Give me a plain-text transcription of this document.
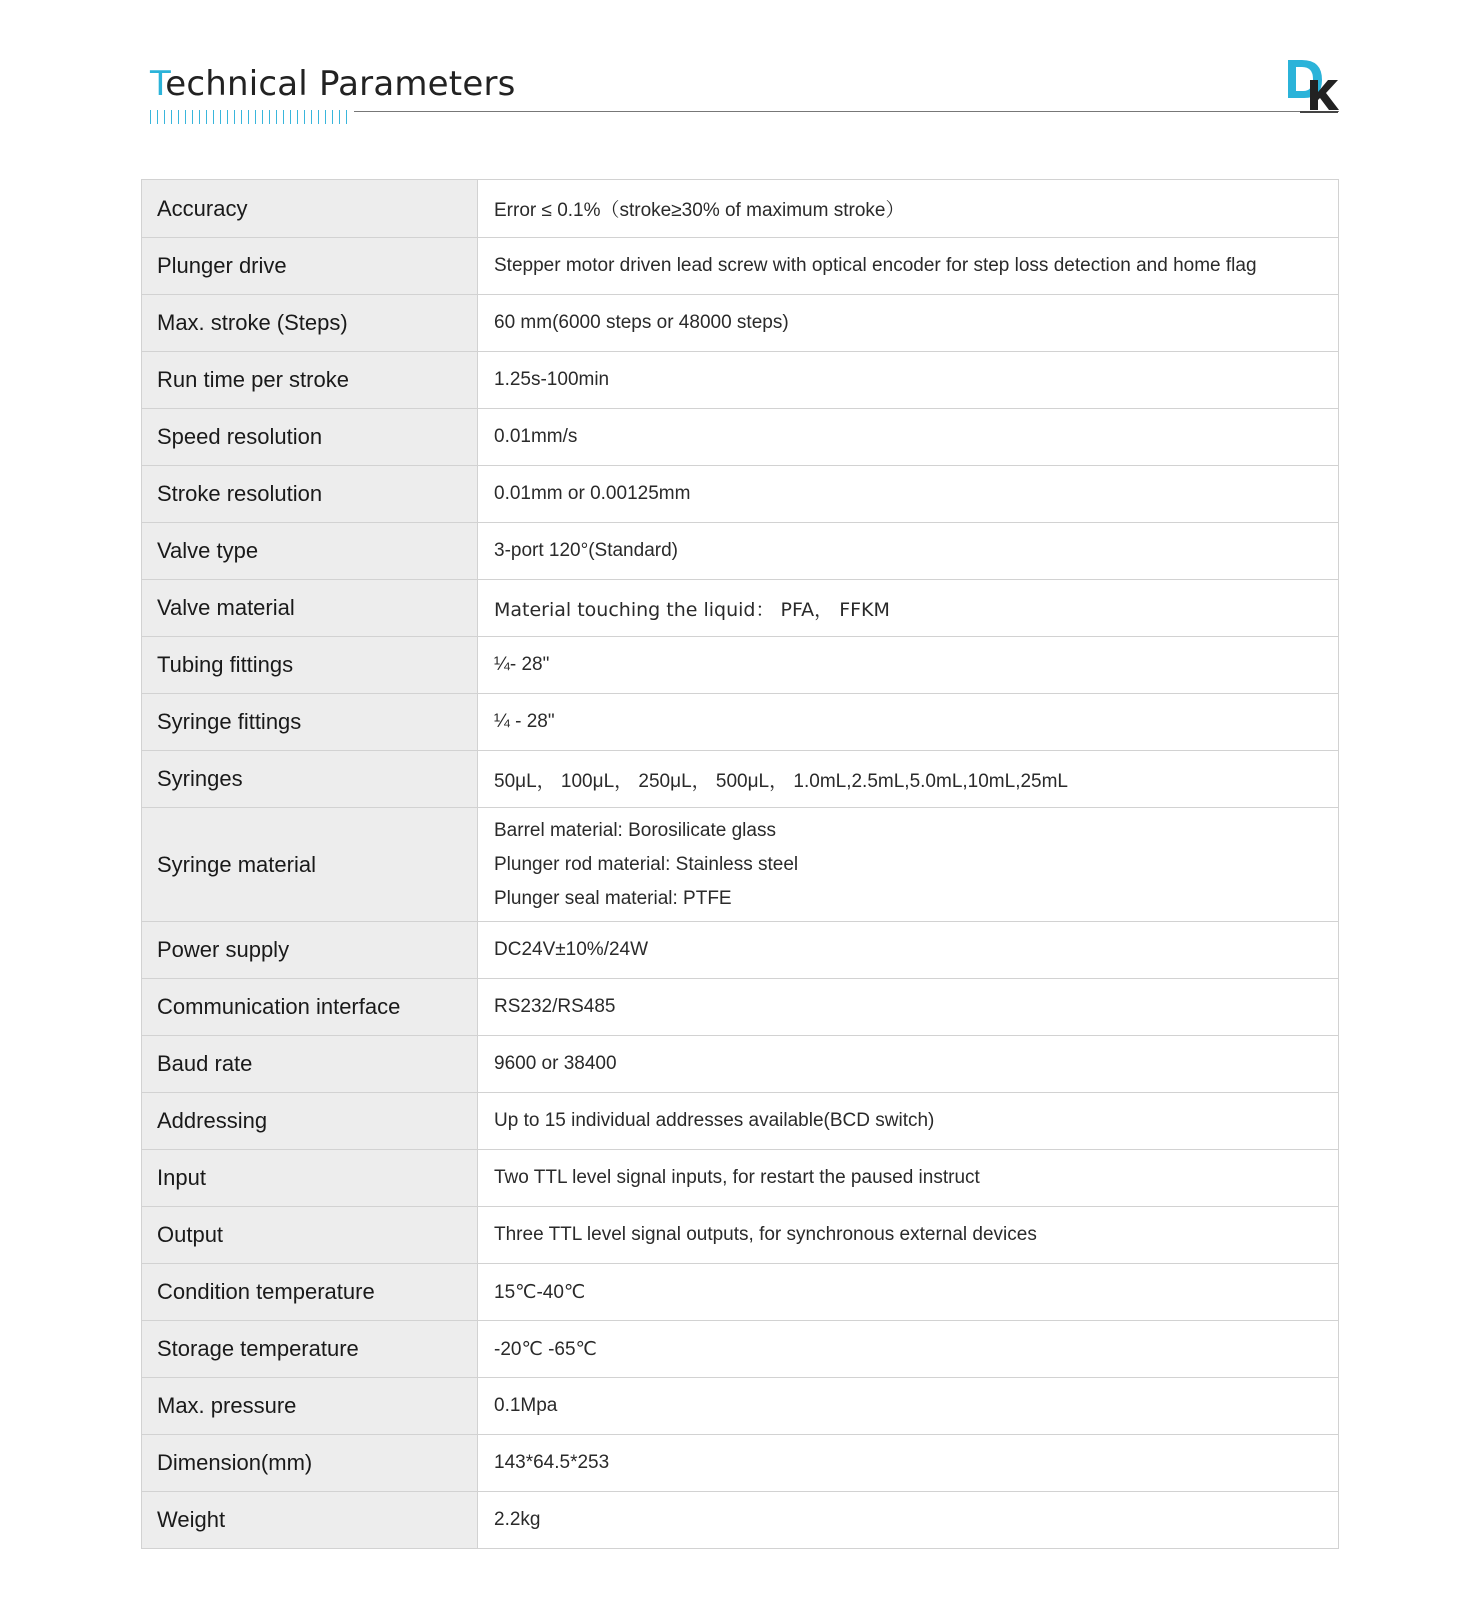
Technical Parameters
Accuracy	Error ≤ 0.1%（stroke≥30% of maximum stroke）
Plunger drive	Stepper motor driven lead screw with optical encoder for step loss detection and home flag
Max. stroke (Steps)	60 mm(6000 steps or 48000 steps)
Run time per stroke	1.25s-100min
Speed resolution	0.01mm/s
Stroke resolution	0.01mm or 0.00125mm
Valve type	3-port 120°(Standard)
Valve material	Material touching the liquid： PFA， FFKM
Tubing fittings	¼- 28"
Syringe fittings	¼ - 28"
Syringes	50μL， 100μL， 250μL， 500μL， 1.0mL,2.5mL,5.0mL,10mL,25mL
Syringe material	Barrel material: Borosilicate glass
Plunger rod material: Stainless steel
Plunger seal material: PTFE

Power supply	DC24V±10%/24W
Communication interface	RS232/RS485
Baud rate	9600 or 38400
Addressing	Up to 15 individual addresses available(BCD switch)
Input	Two TTL level signal inputs, for restart the paused instruct
Output	Three TTL level signal outputs, for synchronous external devices
Condition temperature	15℃-40℃
Storage temperature	-20℃ -65℃
Max. pressure	0.1Mpa
Dimension(mm)	143*64.5*253
Weight	2.2kg
